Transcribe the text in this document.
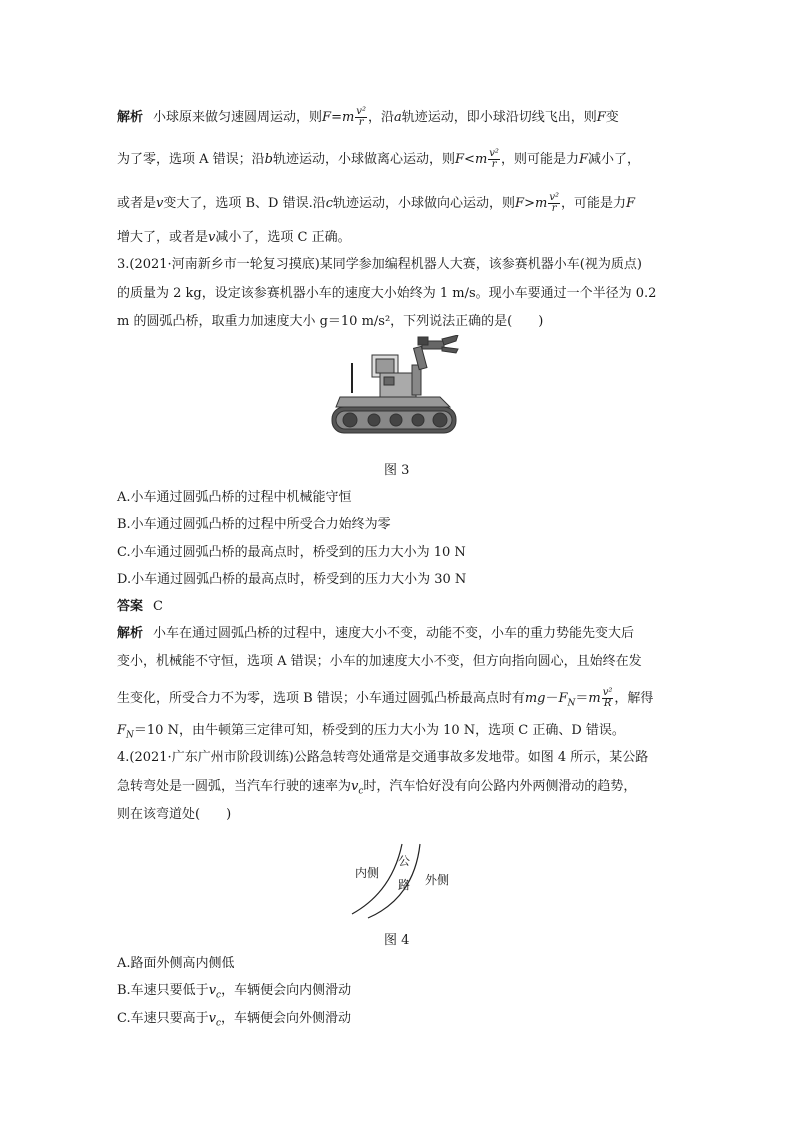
解析 小球原来做匀速圆周运动，则$F=m \frac{\text{v²}}{r}$ ，沿a轨迹运动，即小球沿切线飞出，则F变
为了零，选项 A 错误；沿b轨迹运动，小球做离心运动，则$F<m \frac{\text{v²}}{r}$ ，则可能是力F减小了，
或者是v变大了，选项 B、D 错误.沿c轨迹运动，小球做向心运动，则$F>m \frac{\text{v²}}{r}$ ，可能是力F
增大了，或者是v减小了，选项 C 正确。
3.(2021·河南新乡市一轮复习摸底)某同学参加编程机器人大赛，该参赛机器小车(视为质点)
的质量为 2 kg，设定该参赛机器小车的速度大小始终为 1 m/s。现小车要通过一个半径为 0.2
m 的圆弧凸桥，取重力加速度大小 g＝10 m/s²，下列说法正确的是(　　)
图 3
A.小车通过圆弧凸桥的过程中机械能守恒
B.小车通过圆弧凸桥的过程中所受合力始终为零
C.小车通过圆弧凸桥的最高点时，桥受到的压力大小为 10 N
D.小车通过圆弧凸桥的最高点时，桥受到的压力大小为 30 N
答案 C
解析 小车在通过圆弧凸桥的过程中，速度大小不变，动能不变，小车的重力势能先变大后
变小，机械能不守恒，选项 A 错误；小车的加速度大小不变，但方向指向圆心，且始终在发
生变化，所受合力不为零，选项 B 错误；小车通过圆弧凸桥最高点时有$mg-F_N=m \frac{\text{v²}}{R}$ ，解得
$F_N=10$ N，由牛顿第三定律可知，桥受到的压力大小为 10 N，选项 C 正确、D 错误。
4.(2021·广东广州市阶段训练)公路急转弯处通常是交通事故多发地带。如图 4 所示，某公路
急转弯处是一圆弧，当汽车行驶的速率为$v_c$时，汽车恰好没有向公路内外两侧滑动的趋势，
则在该弯道处(　　)
内侧
公
路 外侧
图 4
A.路面外侧高内侧低
B.车速只要低于$v_c$，车辆便会向内侧滑动
C.车速只要高于$v_c$，车辆便会向外侧滑动
